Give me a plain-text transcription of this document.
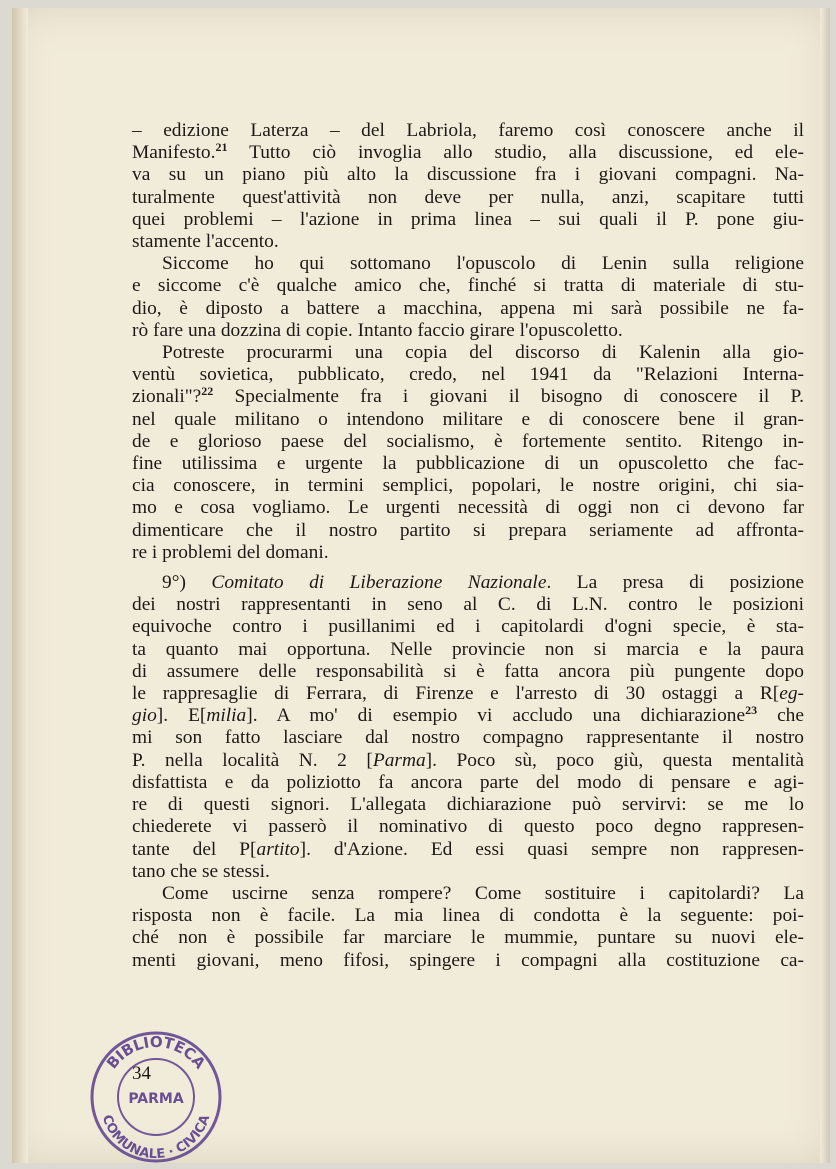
– edizione Laterza – del Labriola, faremo così conoscere anche il
Manifesto.$^{21}$ Tutto ciò invoglia allo studio, alla discussione, ed ele-
va su un piano più alto la discussione fra i giovani compagni. Na-
turalmente quest'attività non deve per nulla, anzi, scapitare tutti
quei problemi – l'azione in prima linea – sui quali il P. pone giu-
stamente l'accento.

Siccome ho qui sottomano l'opuscolo di Lenin sulla religione
e siccome c'è qualche amico che, finché si tratta di materiale di stu-
dio, è diposto a battere a macchina, appena mi sarà possibile ne fa-
rò fare una dozzina di copie. Intanto faccio girare l'opuscoletto.

Potreste procurarmi una copia del discorso di Kalenin alla gio-
ventù sovietica, pubblicato, credo, nel 1941 da "Relazioni Interna-
zionali"?$^{22}$ Specialmente fra i giovani il bisogno di conoscere il P.
nel quale militano o intendono militare e di conoscere bene il gran-
de e glorioso paese del socialismo, è fortemente sentito. Ritengo in-
fine utilissima e urgente la pubblicazione di un opuscoletto che fac-
cia conoscere, in termini semplici, popolari, le nostre origini, chi sia-
mo e cosa vogliamo. Le urgenti necessità di oggi non ci devono far
dimenticare che il nostro partito si prepara seriamente ad affronta-
re i problemi del domani.

9°) Comitato di Liberazione Nazionale. La presa di posizione
dei nostri rappresentanti in seno al C. di L.N. contro le posizioni
equivoche contro i pusillanimi ed i capitolardi d'ogni specie, è sta-
ta quanto mai opportuna. Nelle provincie non si marcia e la paura
di assumere delle responsabilità si è fatta ancora più pungente dopo
le rappresaglie di Ferrara, di Firenze e l'arresto di 30 ostaggi a R[eg-
gio]. E[milia]. A mo' di esempio vi accludo una dichiarazione$^{23}$ che
mi son fatto lasciare dal nostro compagno rappresentante il nostro
P. nella località N. 2 [Parma]. Poco sù, poco giù, questa mentalità
disfattista e da poliziotto fa ancora parte del modo di pensare e agi-
re di questi signori. L'allegata dichiarazione può servirvi: se me lo
chiederete vi passerò il nominativo di questo poco degno rappresen-
tante del P[artito]. d'Azione. Ed essi quasi sempre non rappresen-
tano che se stessi.

Come uscirne senza rompere? Come sostituire i capitolardi? La
risposta non è facile. La mia linea di condotta è la seguente: poi-
ché non è possibile far marciare le mummie, puntare su nuovi ele-
menti giovani, meno fifosi, spingere i compagni alla costituzione ca-

34
BIBLIOTECA
COMUNALE · CIVICA
PARMA
